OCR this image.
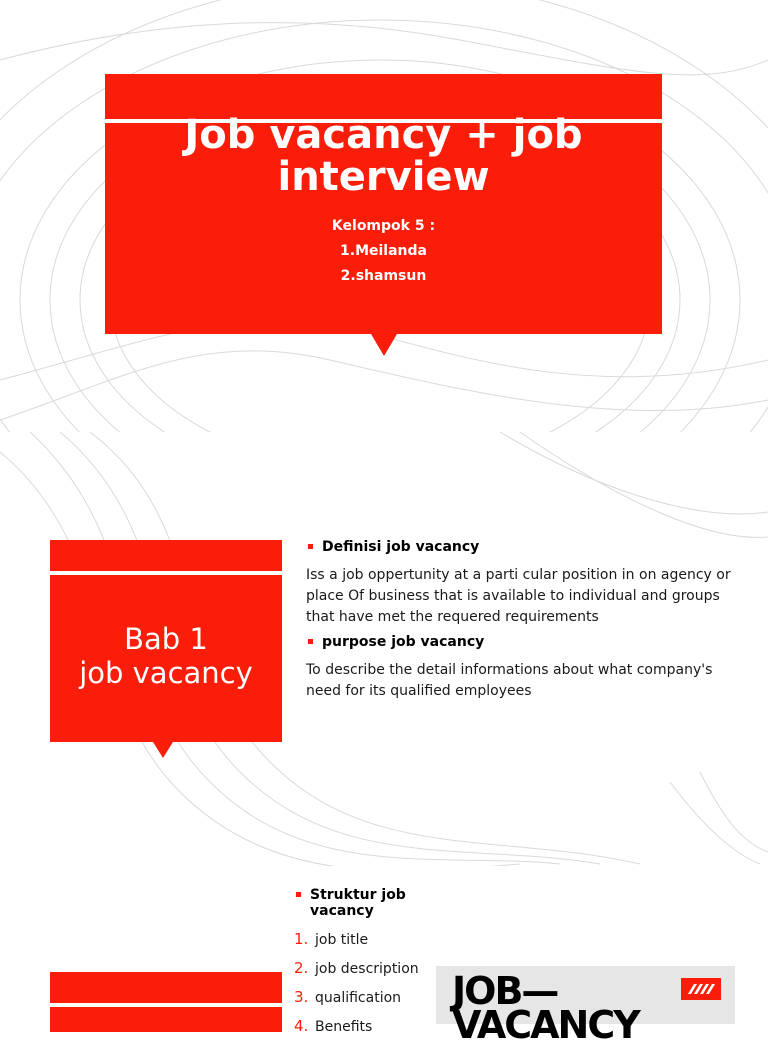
Job vacancy + job interview
Kelompok 5 :
1.Meilanda
2.shamsun
Bab 1
job vacancy
Definisi job vacancy
Iss a job oppertunity at a parti cular position in on agency or place Of business that is available to individual and groups that have met the requered requirements
purpose job vacancy
To describe the detail informations about what company's need for its qualified employees
Struktur job vacancy
1. job title
2. job description
3. qualification
4. Benefits
JOB— VACANCY
